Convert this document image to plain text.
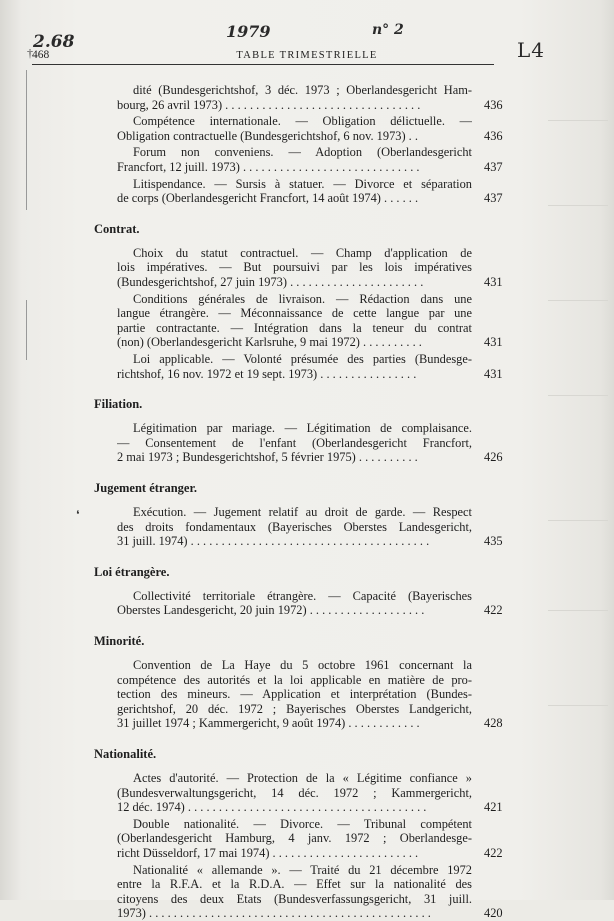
2.68
1979	n° 2
L4
†
❛
468	TABLE TRIMESTRIELLE
dité (Bundesgerichtshof, 3 déc. 1973 ; Oberlandesgericht Ham-
bourg, 26 avril 1973) . . . . . . . . . . . . . . . . . . . . . . . . . . . . . . . .	436
Compétence internationale. — Obligation délictuelle. —
Obligation contractuelle (Bundesgerichtshof, 6 nov. 1973) . .	436
Forum non conveniens. — Adoption (Oberlandesgericht
Francfort, 12 juill. 1973) . . . . . . . . . . . . . . . . . . . . . . . . . . . . .	437
Litispendance. — Sursis à statuer. — Divorce et séparation
de corps (Oberlandesgericht Francfort, 14 août 1974) . . . . . .	437
Contrat.
Choix du statut contractuel. — Champ d'application de
lois impératives. — But poursuivi par les lois impératives
(Bundesgerichtshof, 27 juin 1973) . . . . . . . . . . . . . . . . . . . . . .	431
Conditions générales de livraison. — Rédaction dans une
langue étrangère. — Méconnaissance de cette langue par une
partie contractante. — Intégration dans la teneur du contrat
(non) (Oberlandesgericht Karlsruhe, 9 mai 1972) . . . . . . . . . .	431
Loi applicable. — Volonté présumée des parties (Bundesge-
richtshof, 16 nov. 1972 et 19 sept. 1973) . . . . . . . . . . . . . . . .	431
Filiation.
Légitimation par mariage. — Légitimation de complaisance.
— Consentement de l'enfant (Oberlandesgericht Francfort,
2 mai 1973 ; Bundesgerichtshof, 5 février 1975) . . . . . . . . . .	426
Jugement étranger.
Exécution. — Jugement relatif au droit de garde. — Respect
des droits fondamentaux (Bayerisches Oberstes Landesgericht,
31 juill. 1974) . . . . . . . . . . . . . . . . . . . . . . . . . . . . . . . . . . . . . . .	435
Loi étrangère.
Collectivité territoriale étrangère. — Capacité (Bayerisches
Oberstes Landesgericht, 20 juin 1972) . . . . . . . . . . . . . . . . . . .	422
Minorité.
Convention de La Haye du 5 octobre 1961 concernant la
compétence des autorités et la loi applicable en matière de pro-
tection des mineurs. — Application et interprétation (Bundes-
gerichtshof, 20 déc. 1972 ; Bayerisches Oberstes Landgericht,
31 juillet 1974 ; Kammergericht, 9 août 1974) . . . . . . . . . . . .	428
Nationalité.
Actes d'autorité. — Protection de la « Légitime confiance »
(Bundesverwaltungsgericht, 14 déc. 1972 ; Kammergericht,
12 déc. 1974) . . . . . . . . . . . . . . . . . . . . . . . . . . . . . . . . . . . . . . .	421
Double nationalité. — Divorce. — Tribunal compétent
(Oberlandesgericht Hamburg, 4 janv. 1972 ; Oberlandesge-
richt Düsseldorf, 17 mai 1974) . . . . . . . . . . . . . . . . . . . . . . . .	422
Nationalité « allemande ». — Traité du 21 décembre 1972
entre la R.F.A. et la R.D.A. — Effet sur la nationalité des
citoyens des deux Etats (Bundesverfassungsgericht, 31 juill.
1973) . . . . . . . . . . . . . . . . . . . . . . . . . . . . . . . . . . . . . . . . . . . . . .	420
